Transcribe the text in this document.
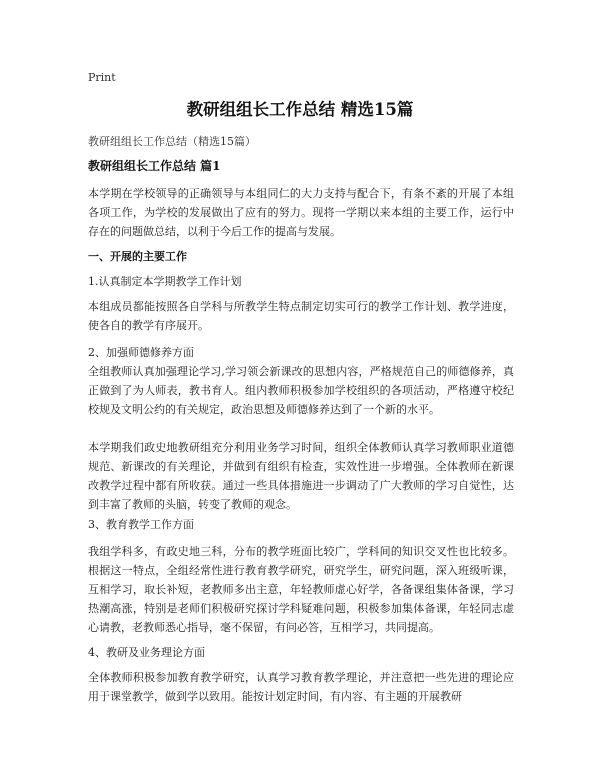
Print
教研组组长工作总结 精选15篇

教研组组长工作总结（精选15篇）

教研组组长工作总结 篇1

本学期在学校领导的正确领导与本组同仁的大力支持与配合下，有条不紊的开展了本组各项工作，为学校的发展做出了应有的努力。现将一学期以来本组的主要工作，运行中存在的问题做总结，以利于今后工作的提高与发展。

一、开展的主要工作

1.认真制定本学期教学工作计划

本组成员都能按照各自学科与所教学生特点制定切实可行的教学工作计划、教学进度，使各自的教学有序展开。

2、加强师德修养方面

全组教师认真加强理论学习,学习领会新课改的思想内容，严格规范自己的师德修养，真正做到了为人师表，教书育人。组内教师积极参加学校组织的各项活动，严格遵守校纪校规及文明公约的有关规定，政治思想及师德修养达到了一个新的水平。

本学期我们政史地教研组充分利用业务学习时间，组织全体教师认真学习教师职业道德规范、新课改的有关理论，并做到有组织有检查，实效性进一步增强。全体教师在新课改教学过程中都有所收获。通过一些具体措施进一步调动了广大教师的学习自觉性，达到丰富了教师的头脑，转变了教师的观念。

3、教育教学工作方面

我组学科多，有政史地三科，分布的教学班面比较广，学科间的知识交叉性也比较多。根据这一特点，全组经常性进行教育教学研究，研究学生，研究问题，深入班级听课，互相学习，取长补短，老教师多出主意，年轻教师虚心好学，各备课组集体备课，学习热潮高涨，特别是老师们积极研究探讨学科疑难问题，积极参加集体备课，年轻同志虚心请教，老教师悉心指导，毫不保留，有问必答，互相学习，共同提高。

4、教研及业务理论方面

全体教师积极参加教育教学研究，认真学习教育教学理论，并注意把一些先进的理论应用于课堂教学，做到学以致用。能按计划定时间，有内容、有主题的开展教研
